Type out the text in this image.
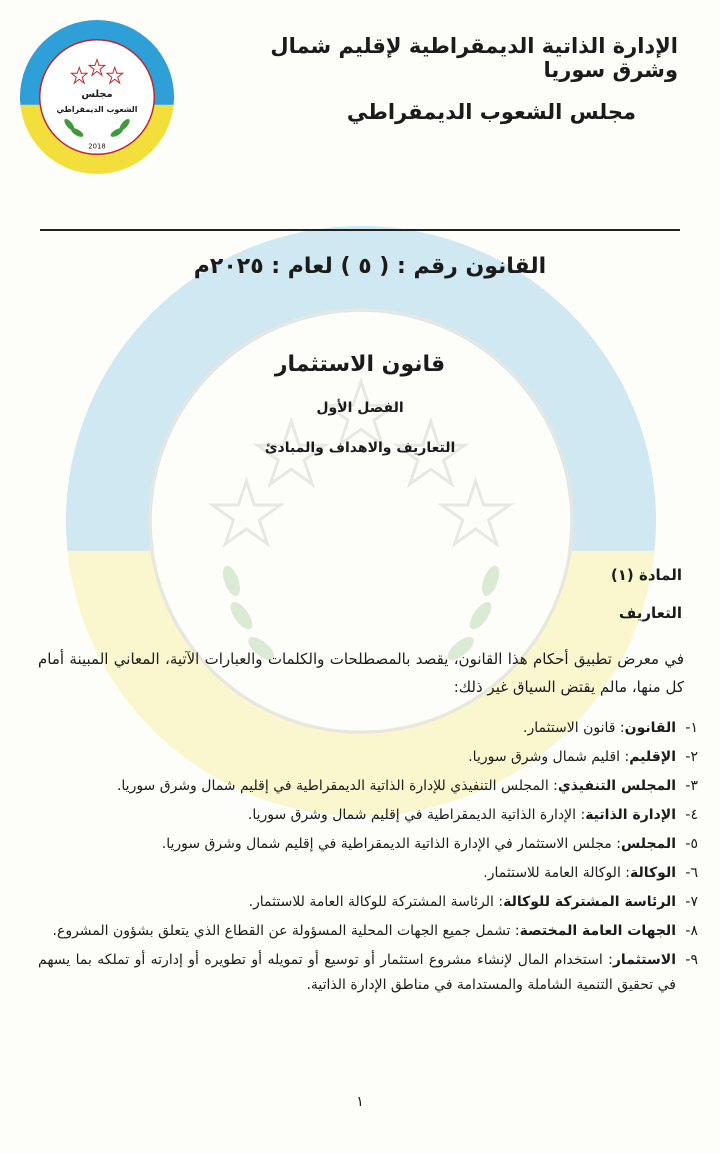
مجلس
الشعوب الديمقراطي
2018
الإدارة الذاتية الديمقراطية لإقليم شمال وشرق سوريا
مجلس الشعوب الديمقراطي
القانون رقم : ( ٥ ) لعام : ٢٠٢٥م
قانون الاستثمار
الفصل الأول
التعاريف والاهداف والمبادئ
المادة (١)
التعاريف
في معرض تطبيق أحكام هذا القانون، يقصد بالمصطلحات والكلمات والعبارات الآتية، المعاني المبينة أمام كل منها، مالم يقتض السياق غير ذلك:
١-
القانون: قانون الاستثمار.
٢-
الإقليم: اقليم شمال وشرق سوريا.
٣-
المجلس التنفيذي: المجلس التنفيذي للإدارة الذاتية الديمقراطية في إقليم شمال وشرق سوريا.
٤-
الإدارة الذاتية: الإدارة الذاتية الديمقراطية في إقليم شمال وشرق سوريا.
٥-
المجلس: مجلس الاستثمار في الإدارة الذاتية الديمقراطية في إقليم شمال وشرق سوريا.
٦-
الوكالة: الوكالة العامة للاستثمار.
٧-
الرئاسة المشتركة للوكالة: الرئاسة المشتركة للوكالة العامة للاستثمار.
٨-
الجهات العامة المختصة: تشمل جميع الجهات المحلية المسؤولة عن القطاع الذي يتعلق بشؤون المشروع.
٩-
الاستثمار: استخدام المال لإنشاء مشروع استثمار أو توسيع أو تمويله أو تطويره أو إدارته أو تملكه بما يسهم في تحقيق التنمية الشاملة والمستدامة في مناطق الإدارة الذاتية.
١
